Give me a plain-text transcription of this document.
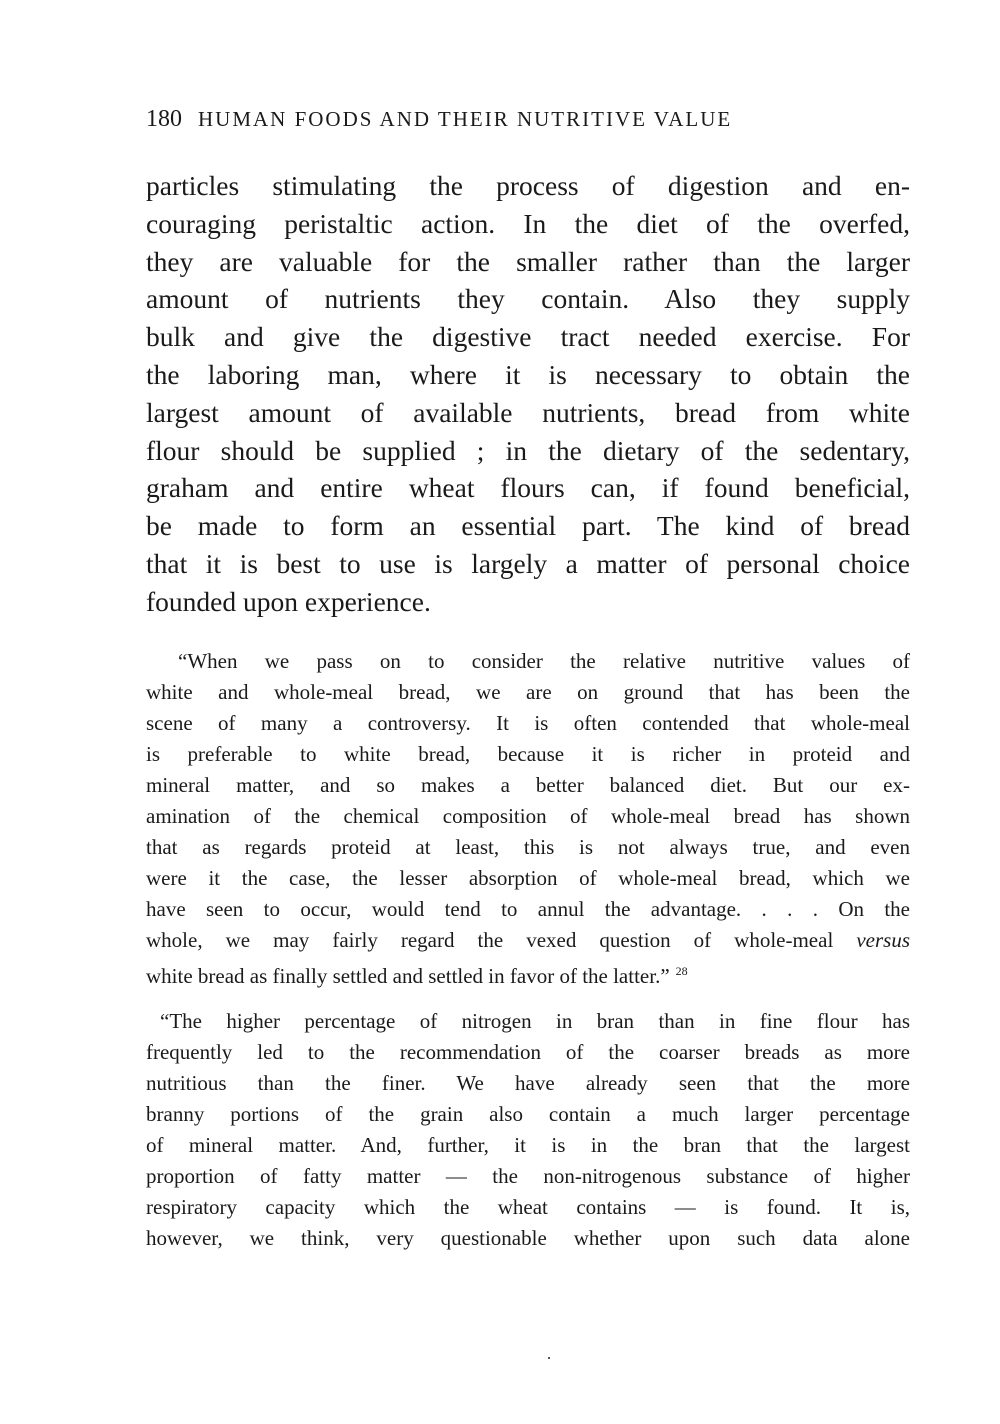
180 HUMAN FOODS AND THEIR NUTRITIVE VALUE
particles stimulating the process of digestion and en-
couraging peristaltic action. In the diet of the overfed,
they are valuable for the smaller rather than the larger
amount of nutrients they contain. Also they supply
bulk and give the digestive tract needed exercise. For
the laboring man, where it is necessary to obtain the
largest amount of available nutrients, bread from white
flour should be supplied ; in the dietary of the sedentary,
graham and entire wheat flours can, if found beneficial,
be made to form an essential part. The kind of bread
that it is best to use is largely a matter of personal choice
founded upon experience.
“When we pass on to consider the relative nutritive values of
white and whole-meal bread, we are on ground that has been the
scene of many a controversy. It is often contended that whole-meal
is preferable to white bread, because it is richer in proteid and
mineral matter, and so makes a better balanced diet. But our ex-
amination of the chemical composition of whole-meal bread has shown
that as regards proteid at least, this is not always true, and even
were it the case, the lesser absorption of whole-meal bread, which we
have seen to occur, would tend to annul the advantage. . . . On the
whole, we may fairly regard the vexed question of whole-meal versus
white bread as finally settled and settled in favor of the latter.” $^{28}$
“The higher percentage of nitrogen in bran than in fine flour has
frequently led to the recommendation of the coarser breads as more
nutritious than the finer. We have already seen that the more
branny portions of the grain also contain a much larger percentage
of mineral matter. And, further, it is in the bran that the largest
proportion of fatty matter — the non-nitrogenous substance of higher
respiratory capacity which the wheat contains — is found. It is,
however, we think, very questionable whether upon such data alone
